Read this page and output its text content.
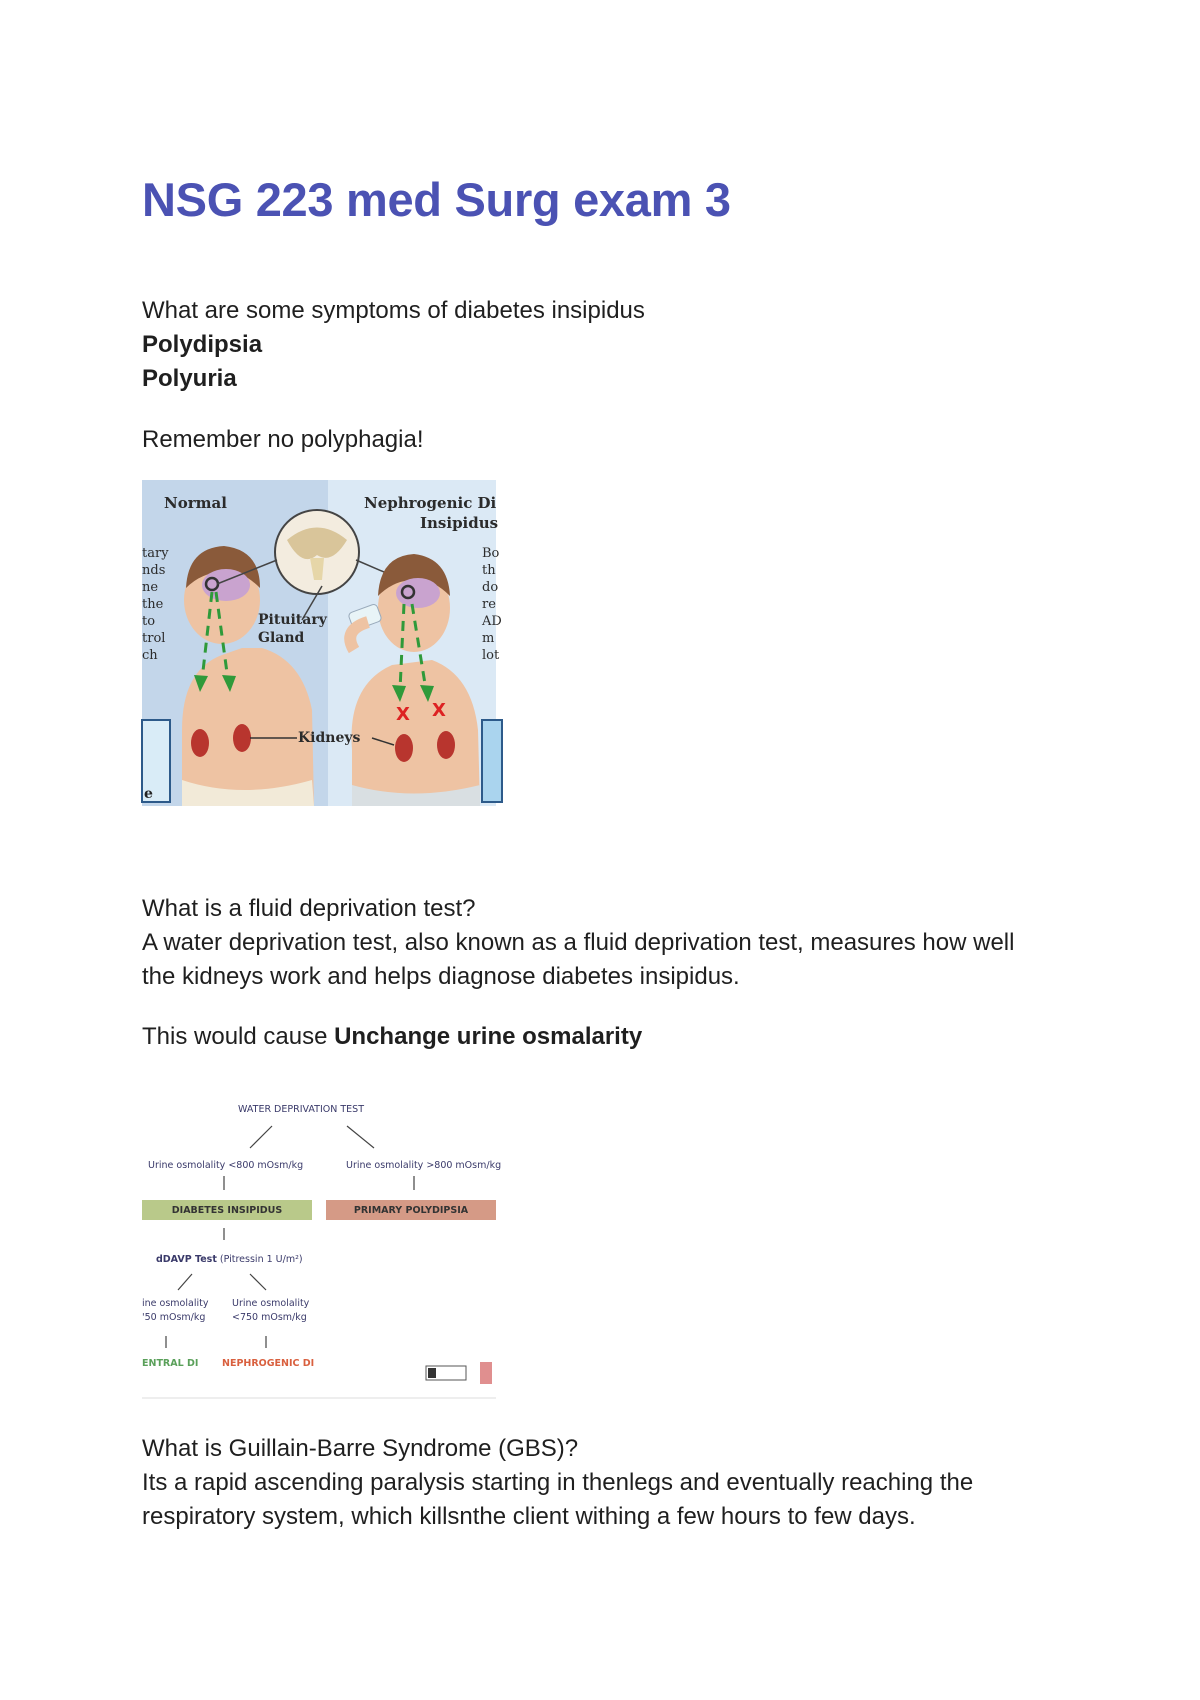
NSG 223 med Surg exam 3
What are some symptoms of diabetes insipidus
Polydipsia
Polyuria
Remember no polyphagia!
X X
e
Normal	Nephrogenic Di
Insipidus
Pituitary
Gland
Kidneys
tary
nds
ne
the
to
trol
ch
Bo
th
do
re
AD
m
lot
What is a fluid deprivation test?
A water deprivation test, also known as a fluid deprivation test, measures how well the kidneys work and helps diagnose diabetes insipidus.
This would cause Unchange urine osmalarity
WATER DEPRIVATION TEST
Urine osmolality <800 mOsm/kg	Urine osmolality >800 mOsm/kg
DIABETES INSIPIDUS	PRIMARY POLYDIPSIA
dDAVP Test (Pitressin 1 U/m²)
ine osmolality
'50 mOsm/kg
Urine osmolality
<750 mOsm/kg
ENTRAL DI NEPHROGENIC DI
What is Guillain-Barre Syndrome (GBS)?
Its a rapid ascending paralysis starting in thenlegs and eventually reaching the
respiratory system, which killsnthe client withing a few hours to few days.
